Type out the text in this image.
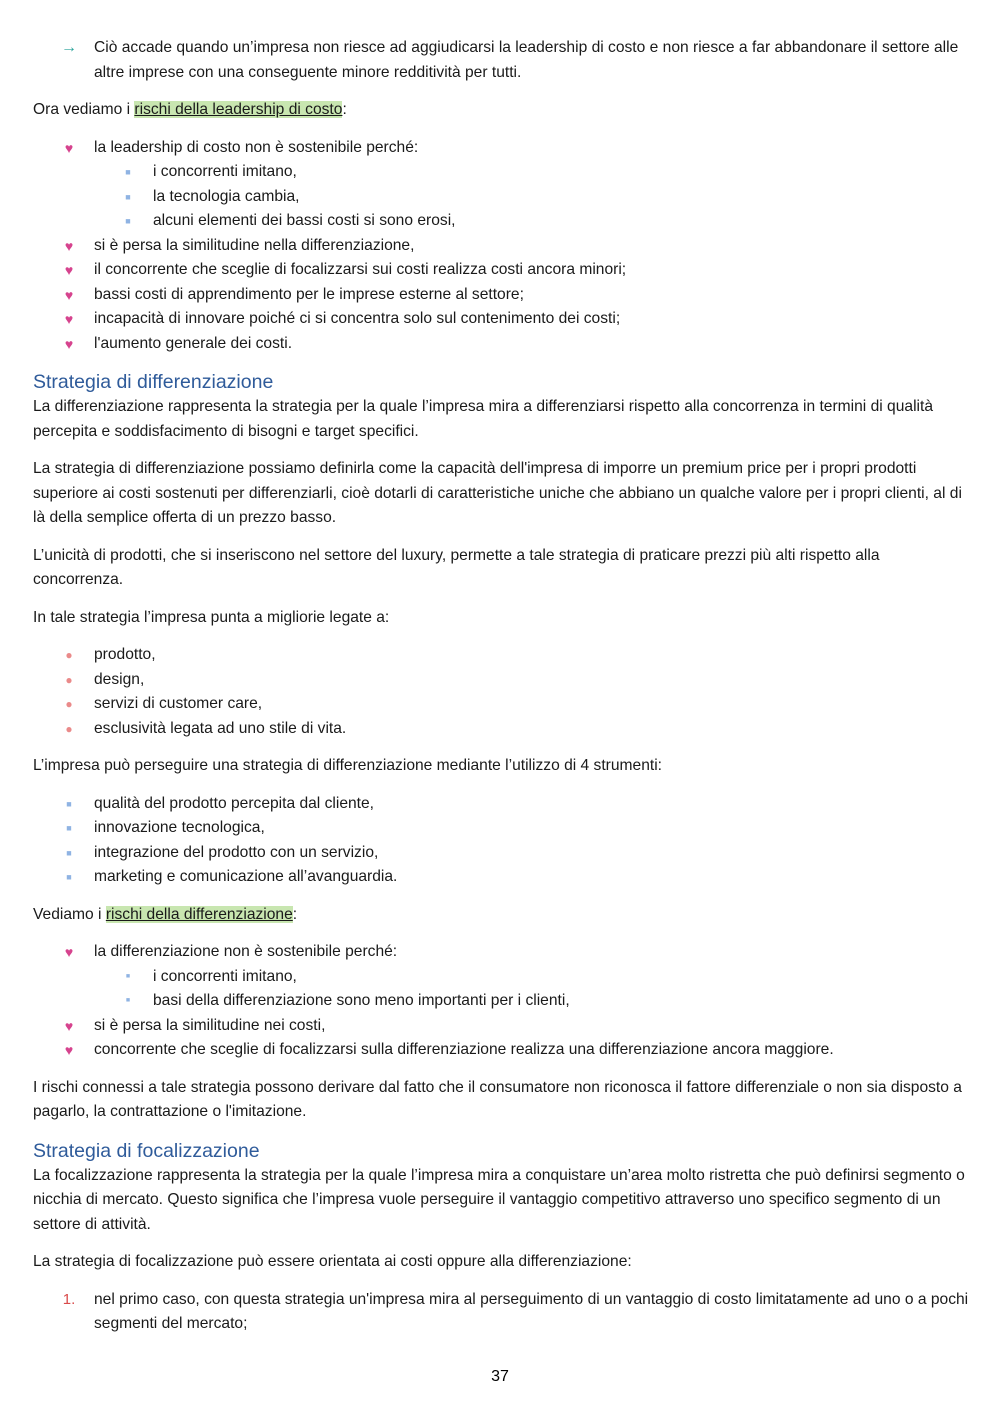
→ Ciò accade quando un’impresa non riesce ad aggiudicarsi la leadership di costo e non riesce a far abbandonare il settore alle altre imprese con una conseguente minore redditività per tutti.

Ora vediamo i rischi della leadership di costo:

♥ la leadership di costo non è sostenibile perché:
■	i concorrenti imitano,
■	la tecnologia cambia,
■	alcuni elementi dei bassi costi si sono erosi,
♥ si è persa la similitudine nella differenziazione,
♥ il concorrente che sceglie di focalizzarsi sui costi realizza costi ancora minori;
♥ bassi costi di apprendimento per le imprese esterne al settore;
♥ incapacità di innovare poiché ci si concentra solo sul contenimento dei costi;
♥ l'aumento generale dei costi.
Strategia di differenziazione

La differenziazione rappresenta la strategia per la quale l’impresa mira a differenziarsi rispetto alla concorrenza in termini di qualità percepita e soddisfacimento di bisogni e target specifici.

La strategia di differenziazione possiamo definirla come la capacità dell'impresa di imporre un premium price per i propri prodotti superiore ai costi sostenuti per differenziarli, cioè dotarli di caratteristiche uniche che abbiano un qualche valore per i propri clienti, al di là della semplice offerta di un prezzo basso.

L’unicità di prodotti, che si inseriscono nel settore del luxury, permette a tale strategia di praticare prezzi più alti rispetto alla concorrenza.

In tale strategia l’impresa punta a migliorie legate a:

● prodotto,
● design,
● servizi di customer care,
● esclusività legata ad uno stile di vita.

L’impresa può perseguire una strategia di differenziazione mediante l’utilizzo di 4 strumenti:

■	qualità del prodotto percepita dal cliente,
■	innovazione tecnologica,
■	integrazione del prodotto con un servizio,
■	marketing e comunicazione all’avanguardia.

Vediamo i rischi della differenziazione:

♥ la differenziazione non è sostenibile perché:
■	i concorrenti imitano,
■	basi della differenziazione sono meno importanti per i clienti,
♥ si è persa la similitudine nei costi,
♥ concorrente che sceglie di focalizzarsi sulla differenziazione realizza una differenziazione ancora maggiore.

I rischi connessi a tale strategia possono derivare dal fatto che il consumatore non riconosca il fattore differenziale o non sia disposto a pagarlo, la contrattazione o l'imitazione.

Strategia di focalizzazione

La focalizzazione rappresenta la strategia per la quale l’impresa mira a conquistare un’area molto ristretta che può definirsi segmento o nicchia di mercato. Questo significa che l’impresa vuole perseguire il vantaggio competitivo attraverso uno specifico segmento di un settore di attività.

La strategia di focalizzazione può essere orientata ai costi oppure alla differenziazione:

1. nel primo caso, con questa strategia un'impresa mira al perseguimento di un vantaggio di costo limitatamente ad uno o a pochi segmenti del mercato;
37
